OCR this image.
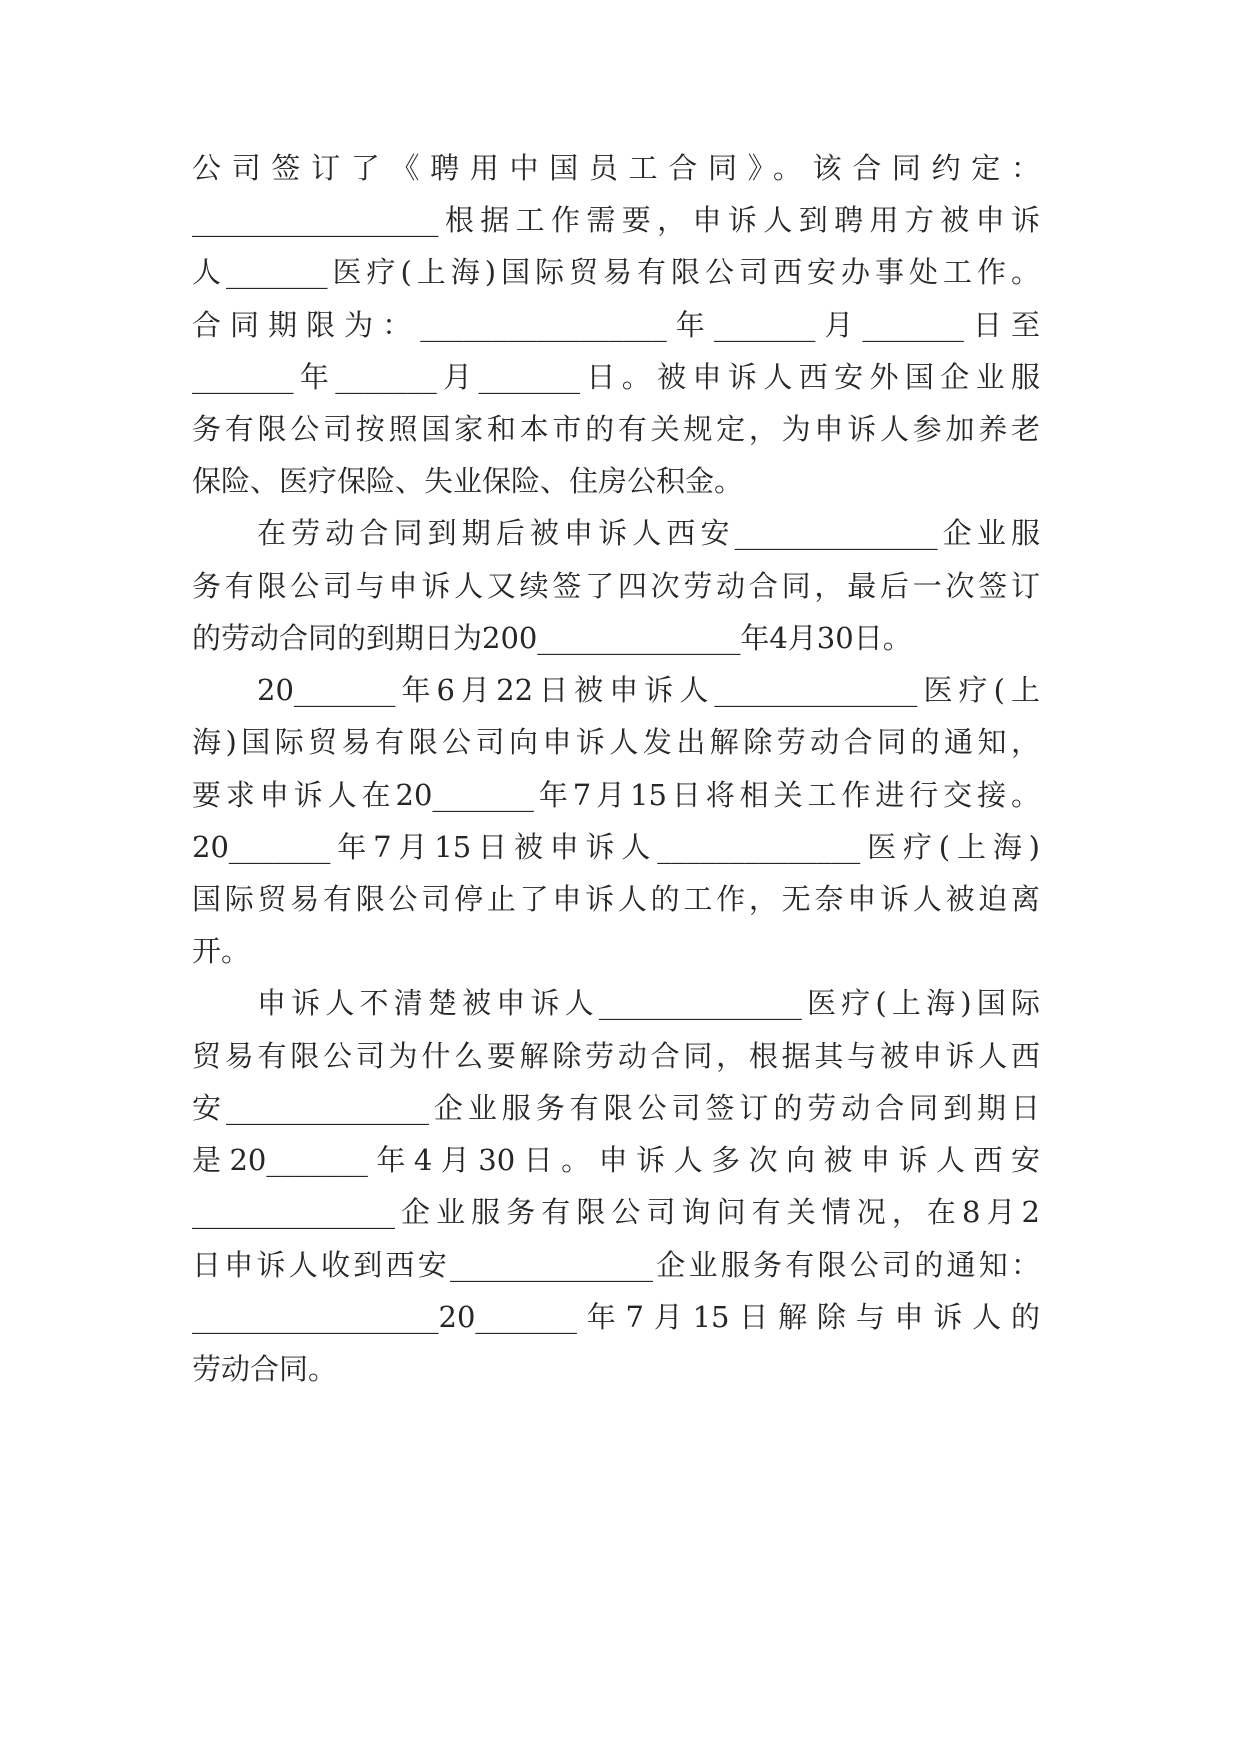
公司签订了《聘用中国员工合同》。该合同约定：
_________________根据工作需要，申诉人到聘用方被申诉
人_______医疗(上海)国际贸易有限公司西安办事处工作。
合同期限为：_________________年_______月_______日至
_______年_______月_______日。被申诉人西安外国企业服
务有限公司按照国家和本市的有关规定，为申诉人参加养老
保险、医疗保险、失业保险、住房公积金。
在劳动合同到期后被申诉人西安______________企业服
务有限公司与申诉人又续签了四次劳动合同，最后一次签订
的劳动合同的到期日为200______________年4月30日。
20_______年6月22日被申诉人______________医疗(上
海)国际贸易有限公司向申诉人发出解除劳动合同的通知，
要求申诉人在20_______年7月15日将相关工作进行交接。
20_______年7月15日被申诉人______________医疗(上海)
国际贸易有限公司停止了申诉人的工作，无奈申诉人被迫离
开。
申诉人不清楚被申诉人______________医疗(上海)国际
贸易有限公司为什么要解除劳动合同，根据其与被申诉人西
安______________企业服务有限公司签订的劳动合同到期日
是20_______年4月30日。申诉人多次向被申诉人西安
______________企业服务有限公司询问有关情况，在8月2
日申诉人收到西安______________企业服务有限公司的通知：
_________________20_______年7月15日解除与申诉人的
劳动合同。
